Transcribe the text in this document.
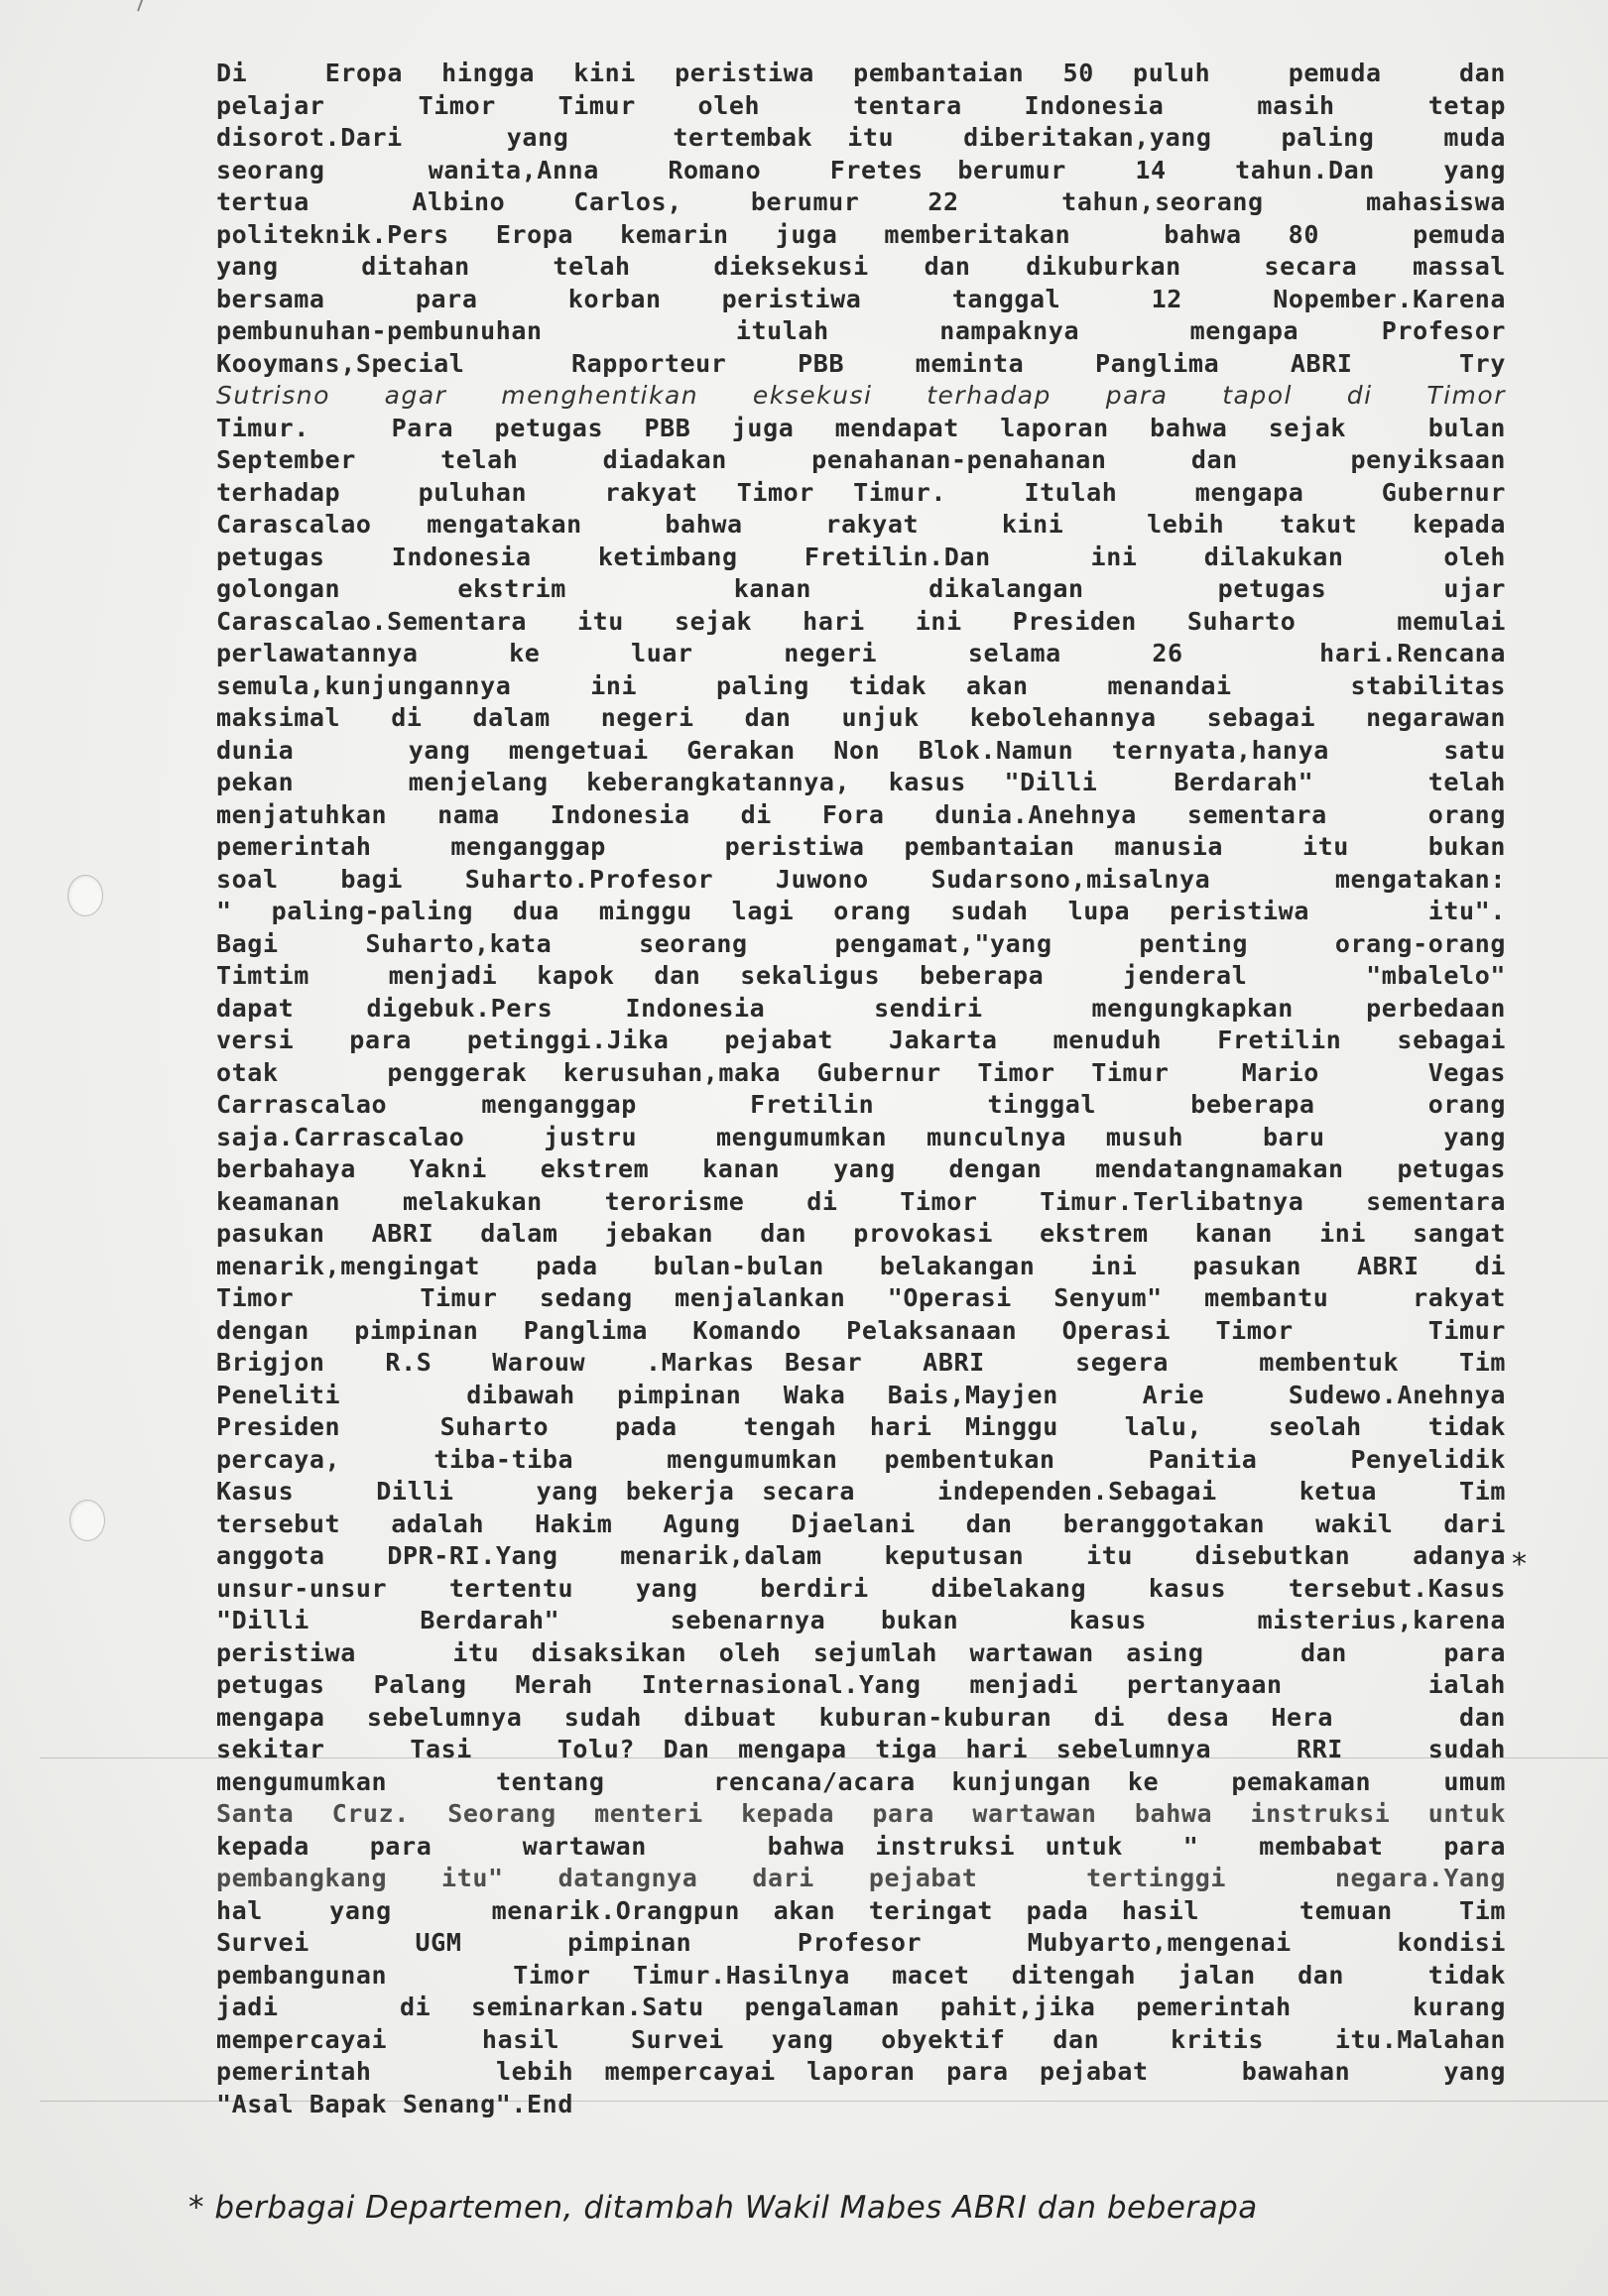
Di  Eropa hingga kini peristiwa pembantaian 50 puluh  pemuda  dan
pelajar   Timor  Timur  oleh   tentara  Indonesia   masih   tetap
disorot.Dari   yang   tertembak itu  diberitakan,yang  paling  muda
seorang   wanita,Anna  Romano  Fretes berumur  14  tahun.Dan  yang
tertua   Albino  Carlos,  berumur  22   tahun,seorang   mahasiswa
politeknik.Pers Eropa kemarin juga memberitakan  bahwa 80  pemuda
yang   ditahan   telah   dieksekusi  dan  dikuburkan   secara  massal
bersama   para   korban  peristiwa   tanggal   12   Nopember.Karena
pembunuhan-pembunuhan       itulah    nampaknya    mengapa   Profesor
Kooymans,Special   Rapporteur  PBB  meminta  Panglima  ABRI   Try
Sutrisno agar menghentikan eksekusi terhadap para tapol di Timor
Timur.  Para petugas PBB juga mendapat laporan bahwa sejak  bulan
September   telah   diadakan   penahanan-penahanan   dan    penyiksaan
terhadap  puluhan  rakyat Timor Timur.  Itulah  mengapa  Gubernur
Carascalao  mengatakan   bahwa   rakyat   kini   lebih  takut  kepada
petugas  Indonesia  ketimbang  Fretilin.Dan   ini  dilakukan   oleh
golongan       ekstrim          kanan       dikalangan        petugas       ujar
Carascalao.Sementara itu sejak hari ini Presiden Suharto  memulai
perlawatannya    ke    luar    negeri    selama    26      hari.Rencana
semula,kunjungannya  ini  paling tidak akan  menandai   stabilitas
maksimal di dalam negeri dan unjuk kebolehannya sebagai negarawan
dunia   yang mengetuai Gerakan Non Blok.Namun ternyata,hanya   satu
pekan   menjelang keberangkatannya, kasus "Dilli  Berdarah"   telah
menjatuhkan nama Indonesia di Fora dunia.Anehnya sementara  orang
pemerintah  menganggap   peristiwa pembantaian manusia  itu  bukan
soal bagi Suharto.Profesor Juwono Sudarsono,misalnya  mengatakan:
" paling-paling dua minggu lagi orang sudah lupa peristiwa   itu".
Bagi   Suharto,kata   seorang   pengamat,"yang   penting   orang-orang
Timtim  menjadi kapok dan sekaligus beberapa  jenderal   "mbalelo"
dapat  digebuk.Pers  Indonesia   sendiri   mengungkapkan  perbedaan
versi para petinggi.Jika pejabat Jakarta menuduh Fretilin sebagai
otak   penggerak kerusuhan,maka Gubernur Timor Timur  Mario   Vegas
Carrascalao     menganggap      Fretilin      tinggal     beberapa      orang
saja.Carrascalao  justru  mengumumkan munculnya musuh  baru   yang
berbahaya Yakni ekstrem kanan yang dengan mendatangnamakan petugas
keamanan melakukan terorisme di Timor Timur.Terlibatnya sementara
pasukan ABRI dalam jebakan dan provokasi ekstrem kanan ini sangat
menarik,mengingat pada bulan-bulan belakangan ini pasukan ABRI di
Timor   Timur sedang menjalankan "Operasi Senyum" membantu  rakyat
dengan pimpinan Panglima Komando Pelaksanaan Operasi Timor   Timur
Brigjon  R.S  Warouw  .Markas Besar  ABRI   segera   membentuk  Tim
Peneliti   dibawah pimpinan Waka Bais,Mayjen  Arie  Sudewo.Anehnya
Presiden   Suharto  pada  tengah hari Minggu  lalu,  seolah  tidak
percaya,  tiba-tiba  mengumumkan pembentukan  Panitia  Penyelidik
Kasus   Dilli   yang bekerja secara   independen.Sebagai   ketua   Tim
tersebut adalah Hakim Agung Djaelani dan beranggotakan wakil dari
anggota DPR-RI.Yang menarik,dalam keputusan itu disebutkan adanya
unsur-unsur tertentu yang berdiri dibelakang kasus tersebut.Kasus
"Dilli    Berdarah"    sebenarnya  bukan    kasus    misterius,karena
peristiwa   itu disaksikan oleh sejumlah wartawan asing   dan   para
petugas Palang Merah Internasional.Yang menjadi pertanyaan   ialah
mengapa sebelumnya sudah dibuat kuburan-kuburan di desa Hera   dan
sekitar   Tasi   Tolu? Dan mengapa tiga hari sebelumnya   RRI   sudah
mengumumkan   tentang   rencana/acara kunjungan ke  pemakaman  umum
Santa Cruz. Seorang menteri kepada para wartawan bahwa instruksi untuk
kepada  para   wartawan    bahwa instruksi untuk  "  membabat  para
pembangkang itu" datangnya dari pejabat  tertinggi  negara.Yang
hal  yang   menarik.Orangpun akan teringat pada hasil   temuan  Tim
Survei    UGM    pimpinan    Profesor    Mubyarto,mengenai    kondisi
pembangunan   Timor Timur.Hasilnya macet ditengah jalan dan  tidak
jadi   di seminarkan.Satu pengalaman pahit,jika pemerintah   kurang
mempercayai    hasil   Survei  yang  obyektif  dan   kritis   itu.Malahan
pemerintah    lebih mempercayai laporan para pejabat   bawahan   yang
"Asal Bapak Senang".End
*
* berbagai Departemen, ditambah Wakil Mabes ABRI dan beberapa
